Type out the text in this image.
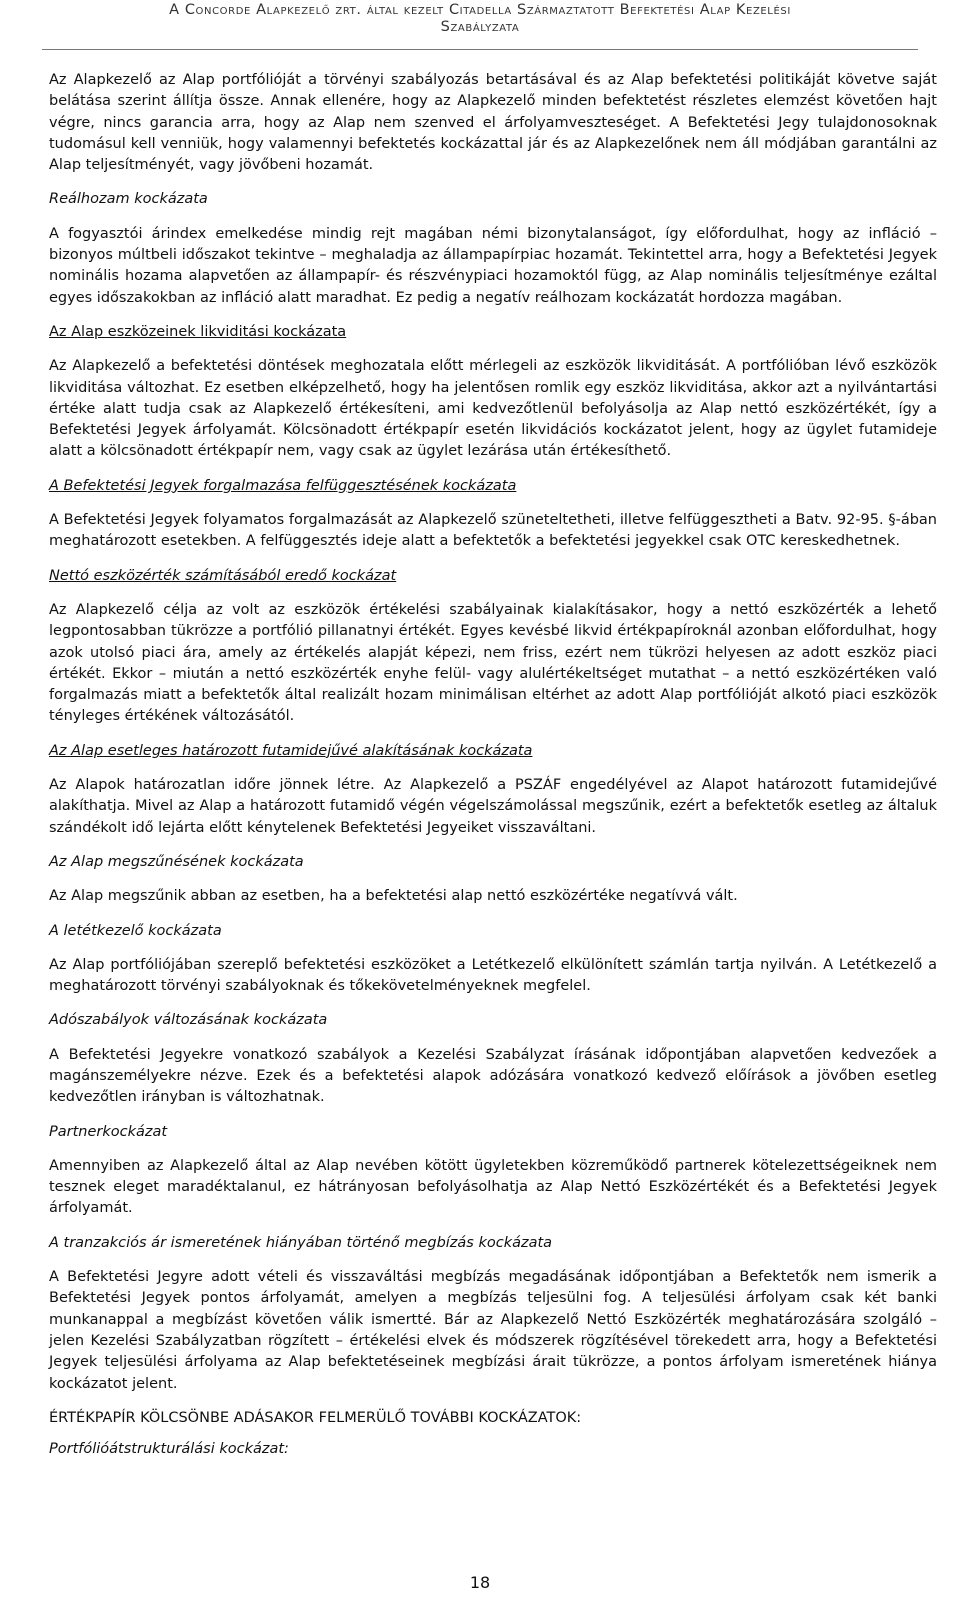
A Concorde Alapkezelő zrt. által kezelt Citadella Származtatott Befektetési Alap Kezelési
Szabályzata

Az Alapkezelő az Alap portfólióját a törvényi szabályozás betartásával és az Alap befektetési politikáját követve saját belátása szerint állítja össze. Annak ellenére, hogy az Alapkezelő minden befektetést részletes elemzést követően hajt végre, nincs garancia arra, hogy az Alap nem szenved el árfolyamveszteséget. A Befektetési Jegy tulajdonosoknak tudomásul kell venniük, hogy valamennyi befektetés kockázattal jár és az Alapkezelőnek nem áll módjában garantálni az Alap teljesítményét, vagy jövőbeni hozamát.

Reálhozam kockázata

A fogyasztói árindex emelkedése mindig rejt magában némi bizonytalanságot, így előfordulhat, hogy az infláció – bizonyos múltbeli időszakot tekintve – meghaladja az állampapírpiac hozamát. Tekintettel arra, hogy a Befektetési Jegyek nominális hozama alapvetően az állampapír- és részvénypiaci hozamoktól függ, az Alap nominális teljesítménye ezáltal egyes időszakokban az infláció alatt maradhat. Ez pedig a negatív reálhozam kockázatát hordozza magában.

Az Alap eszközeinek likviditási kockázata

Az Alapkezelő a befektetési döntések meghozatala előtt mérlegeli az eszközök likviditását. A portfólióban lévő eszközök likviditása változhat. Ez esetben elképzelhető, hogy ha jelentősen romlik egy eszköz likviditása, akkor azt a nyilvántartási értéke alatt tudja csak az Alapkezelő értékesíteni, ami kedvezőtlenül befolyásolja az Alap nettó eszközértékét, így a Befektetési Jegyek árfolyamát. Kölcsönadott értékpapír esetén likvidációs kockázatot jelent, hogy az ügylet futamideje alatt a kölcsönadott értékpapír nem, vagy csak az ügylet lezárása után értékesíthető.

A Befektetési Jegyek forgalmazása felfüggesztésének kockázata

A Befektetési Jegyek folyamatos forgalmazását az Alapkezelő szüneteltetheti, illetve felfüggesztheti a Batv. 92-95. §-ában meghatározott esetekben. A felfüggesztés ideje alatt a befektetők a befektetési jegyekkel csak OTC kereskedhetnek.

Nettó eszközérték számításából eredő kockázat

Az Alapkezelő célja az volt az eszközök értékelési szabályainak kialakításakor, hogy a nettó eszközérték a lehető legpontosabban tükrözze a portfólió pillanatnyi értékét. Egyes kevésbé likvid értékpapíroknál azonban előfordulhat, hogy azok utolsó piaci ára, amely az értékelés alapját képezi, nem friss, ezért nem tükrözi helyesen az adott eszköz piaci értékét. Ekkor – miután a nettó eszközérték enyhe felül- vagy alulértékeltséget mutathat – a nettó eszközértéken való forgalmazás miatt a befektetők által realizált hozam minimálisan eltérhet az adott Alap portfólióját alkotó piaci eszközök tényleges értékének változásától.

Az Alap esetleges határozott futamidejűvé alakításának kockázata

Az Alapok határozatlan időre jönnek létre. Az Alapkezelő a PSZÁF engedélyével az Alapot határozott futamidejűvé alakíthatja. Mivel az Alap a határozott futamidő végén végelszámolással megszűnik, ezért a befektetők esetleg az általuk szándékolt idő lejárta előtt kénytelenek Befektetési Jegyeiket visszaváltani.

Az Alap megszűnésének kockázata

Az Alap megszűnik abban az esetben, ha a befektetési alap nettó eszközértéke negatívvá vált.

A letétkezelő kockázata

Az Alap portfóliójában szereplő befektetési eszközöket a Letétkezelő elkülönített számlán tartja nyilván. A Letétkezelő a meghatározott törvényi szabályoknak és tőkekövetelményeknek megfelel.

Adószabályok változásának kockázata

A Befektetési Jegyekre vonatkozó szabályok a Kezelési Szabályzat írásának időpontjában alapvetően kedvezőek a magánszemélyekre nézve. Ezek és a befektetési alapok adózására vonatkozó kedvező előírások a jövőben esetleg kedvezőtlen irányban is változhatnak.

Partnerkockázat

Amennyiben az Alapkezelő által az Alap nevében kötött ügyletekben közreműködő partnerek kötelezettségeiknek nem tesznek eleget maradéktalanul, ez hátrányosan befolyásolhatja az Alap Nettó Eszközértékét és a Befektetési Jegyek árfolyamát.

A tranzakciós ár ismeretének hiányában történő megbízás kockázata

A Befektetési Jegyre adott vételi és visszaváltási megbízás megadásának időpontjában a Befektetők nem ismerik a Befektetési Jegyek pontos árfolyamát, amelyen a megbízás teljesülni fog. A teljesülési árfolyam csak két banki munkanappal a megbízást követően válik ismertté. Bár az Alapkezelő Nettó Eszközérték meghatározására szolgáló – jelen Kezelési Szabályzatban rögzített – értékelési elvek és módszerek rögzítésével törekedett arra, hogy a Befektetési Jegyek teljesülési árfolyama az Alap befektetéseinek megbízási árait tükrözze, a pontos árfolyam ismeretének hiánya kockázatot jelent.

ÉRTÉKPAPÍR KÖLCSÖNBE ADÁSAKOR FELMERÜLŐ TOVÁBBI KOCKÁZATOK:

Portfólióátstrukturálási kockázat:

18
